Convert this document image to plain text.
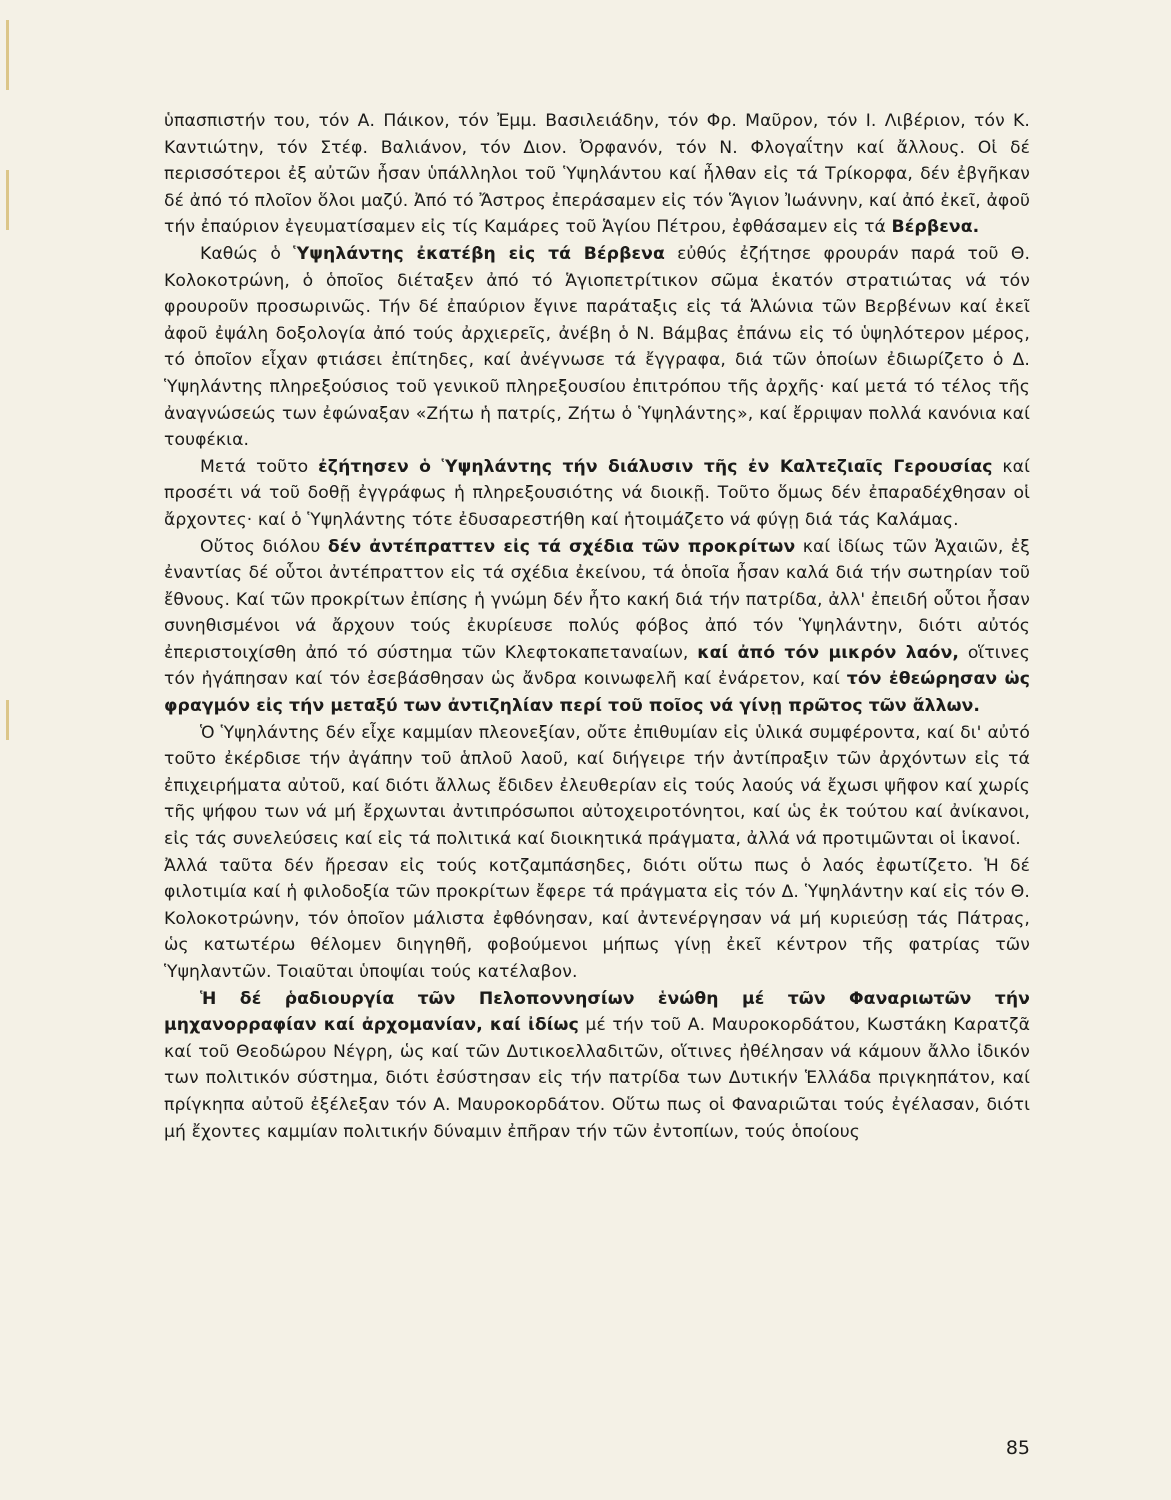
ὑπασπιστήν του, τόν Α. Πάικον, τόν Ἐμμ. Βασιλειάδην, τόν Φρ. Μαῦρον, τόν Ι. Λιβέριον, τόν Κ. Καντιώτην, τόν Στέφ. Βαλιάνον, τόν Διον. Ὀρφανόν, τόν Ν. Φλογαΐτην καί ἄλλους. Οἱ δέ περισσότεροι ἐξ αὐτῶν ἦσαν ὑπάλληλοι τοῦ Ὑψηλάντου καί ἦλθαν εἰς τά Τρίκορφα, δέν ἐβγῆκαν δέ ἀπό τό πλοῖον ὅλοι μαζύ. Ἀπό τό Ἄστρος ἐπεράσαμεν εἰς τόν Ἅγιον Ἰωάννην, καί ἀπό ἐκεῖ, ἀφοῦ τήν ἐπαύριον ἐγευματίσαμεν εἰς τίς Καμάρες τοῦ Ἁγίου Πέτρου, ἐφθάσαμεν εἰς τά Βέρβενα.

Καθώς ὁ Ὑψηλάντης ἐκατέβη εἰς τά Βέρβενα εὐθύς ἐζήτησε φρουράν παρά τοῦ Θ. Κολοκοτρώνη, ὁ ὁποῖος διέταξεν ἀπό τό Ἁγιοπετρίτικον σῶμα ἑκατόν στρατιώτας νά τόν φρουροῦν προσωρινῶς. Τήν δέ ἐπαύριον ἔγινε παράταξις εἰς τά Ἁλώνια τῶν Βερβένων καί ἐκεῖ ἀφοῦ ἐψάλη δοξολογία ἀπό τούς ἀρχιερεῖς, ἀνέβη ὁ Ν. Βάμβας ἐπάνω εἰς τό ὑψηλότερον μέρος, τό ὁποῖον εἶχαν φτιάσει ἐπίτηδες, καί ἀνέγνωσε τά ἔγγραφα, διά τῶν ὁποίων ἐδιωρίζετο ὁ Δ. Ὑψηλάντης πληρεξούσιος τοῦ γενικοῦ πληρεξουσίου ἐπιτρόπου τῆς ἀρχῆς· καί μετά τό τέλος τῆς ἀναγνώσεώς των ἐφώναξαν «Ζήτω ἡ πατρίς, Ζήτω ὁ Ὑψηλάντης», καί ἔρριψαν πολλά κανόνια καί τουφέκια.

Μετά τοῦτο ἐζήτησεν ὁ Ὑψηλάντης τήν διάλυσιν τῆς ἐν Καλτεζιαῖς Γερουσίας καί προσέτι νά τοῦ δοθῇ ἐγγράφως ἡ πληρεξουσιότης νά διοικῇ. Τοῦτο ὅμως δέν ἐπαραδέχθησαν οἱ ἄρχοντες· καί ὁ Ὑψηλάντης τότε ἐδυσαρεστήθη καί ἡτοιμάζετο νά φύγῃ διά τάς Καλάμας.

Οὔτος διόλου δέν ἀντέπραττεν εἰς τά σχέδια τῶν προκρίτων καί ἰδίως τῶν Ἀχαιῶν, ἐξ ἐναντίας δέ οὗτοι ἀντέπραττον εἰς τά σχέδια ἐκείνου, τά ὁποῖα ἦσαν καλά διά τήν σωτηρίαν τοῦ ἔθνους. Καί τῶν προκρίτων ἐπίσης ἡ γνώμη δέν ἦτο κακή διά τήν πατρίδα, ἀλλ' ἐπειδή οὗτοι ἦσαν συνηθισμένοι νά ἄρχουν τούς ἐκυρίευσε πολύς φόβος ἀπό τόν Ὑψηλάντην, διότι αὐτός ἐπεριστοιχίσθη ἀπό τό σύστημα τῶν Κλεφτοκαπεταναίων, καί ἀπό τόν μικρόν λαόν, οἵτινες τόν ἠγάπησαν καί τόν ἐσεβάσθησαν ὡς ἄνδρα κοινωφελῆ καί ἐνάρετον, καί τόν ἐθεώρησαν ὡς φραγμόν εἰς τήν μεταξύ των ἀντιζηλίαν περί τοῦ ποῖος νά γίνῃ πρῶτος τῶν ἄλλων.

Ὁ Ὑψηλάντης δέν εἶχε καμμίαν πλεονεξίαν, οὔτε ἐπιθυμίαν εἰς ὑλικά συμφέροντα, καί δι' αὐτό τοῦτο ἐκέρδισε τήν ἀγάπην τοῦ ἁπλοῦ λαοῦ, καί διήγειρε τήν ἀντίπραξιν τῶν ἀρχόντων εἰς τά ἐπιχειρήματα αὐτοῦ, καί διότι ἄλλως ἔδιδεν ἐλευθερίαν εἰς τούς λαούς νά ἔχωσι ψῆφον καί χωρίς τῆς ψήφου των νά μή ἔρχωνται ἀντιπρόσωποι αὐτοχειροτόνητοι, καί ὡς ἐκ τούτου καί ἀνίκανοι, εἰς τάς συνελεύσεις καί εἰς τά πολιτικά καί διοικητικά πράγματα, ἀλλά νά προτιμῶνται οἱ ἱκανοί.

Ἀλλά ταῦτα δέν ἤρεσαν εἰς τούς κοτζαμπάσηδες, διότι οὕτω πως ὁ λαός ἐφωτίζετο. Ἡ δέ φιλοτιμία καί ἡ φιλοδοξία τῶν προκρίτων ἔφερε τά πράγματα εἰς τόν Δ. Ὑψηλάντην καί εἰς τόν Θ. Κολοκοτρώνην, τόν ὁποῖον μάλιστα ἐφθόνησαν, καί ἀντενέργησαν νά μή κυριεύσῃ τάς Πάτρας, ὡς κατωτέρω θέλομεν διηγηθῆ, φοβούμενοι μήπως γίνῃ ἐκεῖ κέντρον τῆς φατρίας τῶν Ὑψηλαντῶν. Τοιαῦται ὑποψίαι τούς κατέλαβον.

Ἡ δέ ῥαδιουργία τῶν Πελοποννησίων ἑνώθη μέ τῶν Φαναριωτῶν τήν μηχανορραφίαν καί ἀρχομανίαν, καί ἰδίως μέ τήν τοῦ Α. Μαυροκορδάτου, Κωστάκη Καρατζᾶ καί τοῦ Θεοδώρου Νέγρη, ὡς καί τῶν Δυτικοελλαδιτῶν, οἵτινες ἠθέλησαν νά κάμουν ἄλλο ἰδικόν των πολιτικόν σύστημα, διότι ἐσύστησαν εἰς τήν πατρίδα των Δυτικήν Ἑλλάδα πριγκηπάτον, καί πρίγκηπα αὐτοῦ ἐξέλεξαν τόν Α. Μαυροκορδάτον. Οὕτω πως οἱ Φαναριῶται τούς ἐγέλασαν, διότι μή ἔχοντες καμμίαν πολιτικήν δύναμιν ἐπῆραν τήν τῶν ἐντοπίων, τούς ὁποίους

85
